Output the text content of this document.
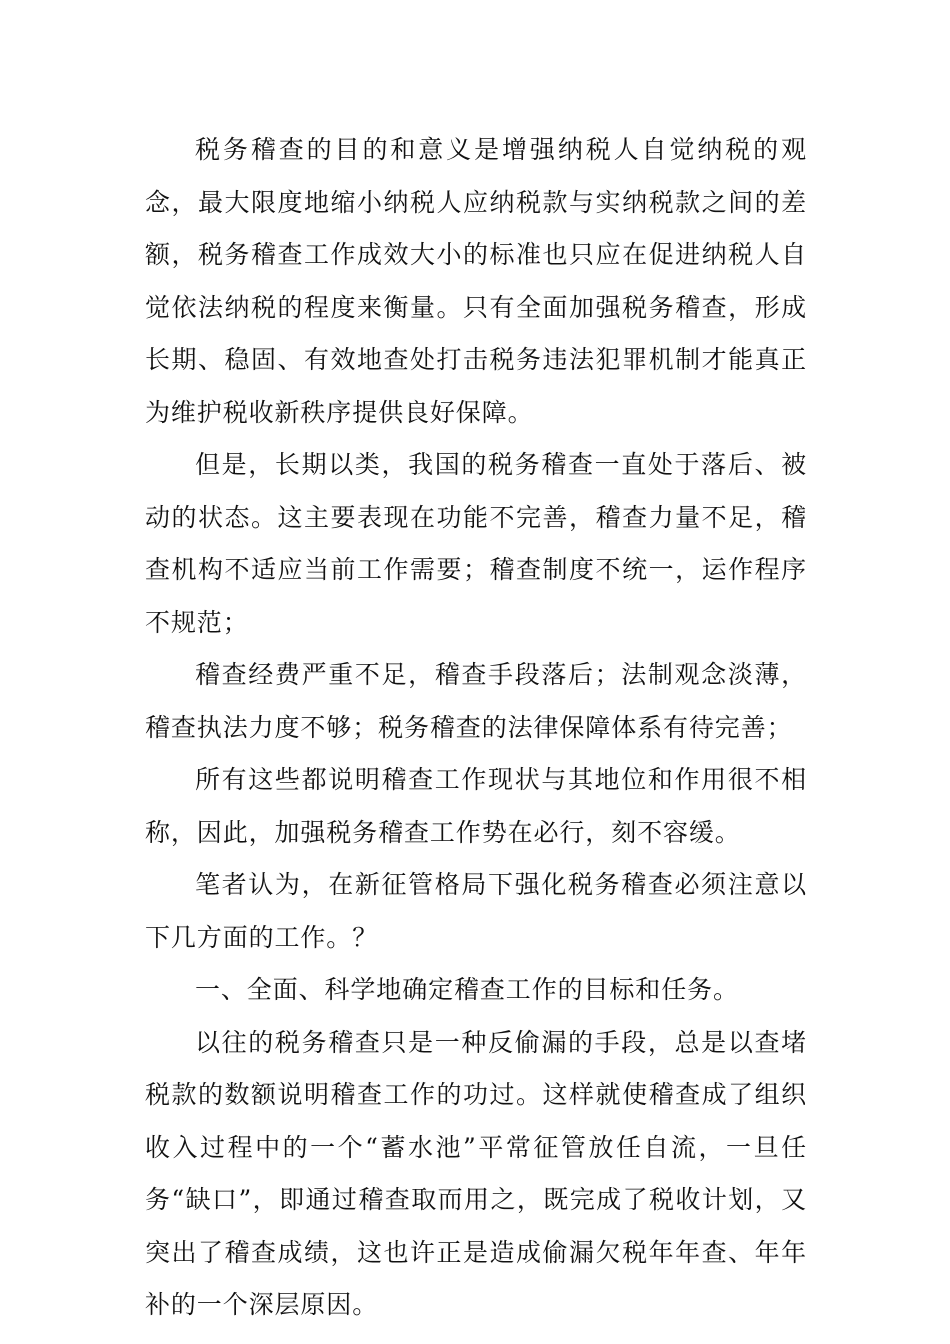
税务稽查的目的和意义是增强纳税人自觉纳税的观念，最大限度地缩小纳税人应纳税款与实纳税款之间的差额，税务稽查工作成效大小的标准也只应在促进纳税人自觉依法纳税的程度来衡量。只有全面加强税务稽查，形成长期、稳固、有效地查处打击税务违法犯罪机制才能真正为维护税收新秩序提供良好保障。

但是，长期以类，我国的税务稽查一直处于落后、被动的状态。这主要表现在功能不完善，稽查力量不足，稽查机构不适应当前工作需要；稽查制度不统一，运作程序不规范；

稽查经费严重不足，稽查手段落后；法制观念淡薄，稽查执法力度不够；税务稽查的法律保障体系有待完善；

所有这些都说明稽查工作现状与其地位和作用很不相称，因此，加强税务稽查工作势在必行，刻不容缓。

笔者认为，在新征管格局下强化税务稽查必须注意以下几方面的工作。？

一、全面、科学地确定稽查工作的目标和任务。

以往的税务稽查只是一种反偷漏的手段，总是以查堵税款的数额说明稽查工作的功过。这样就使稽查成了组织收入过程中的一个“蓄水池”平常征管放任自流，一旦任务“缺口”，即通过稽查取而用之，既完成了税收计划，又突出了稽查成绩，这也许正是造成偷漏欠税年年查、年年补的一个深层原因。
